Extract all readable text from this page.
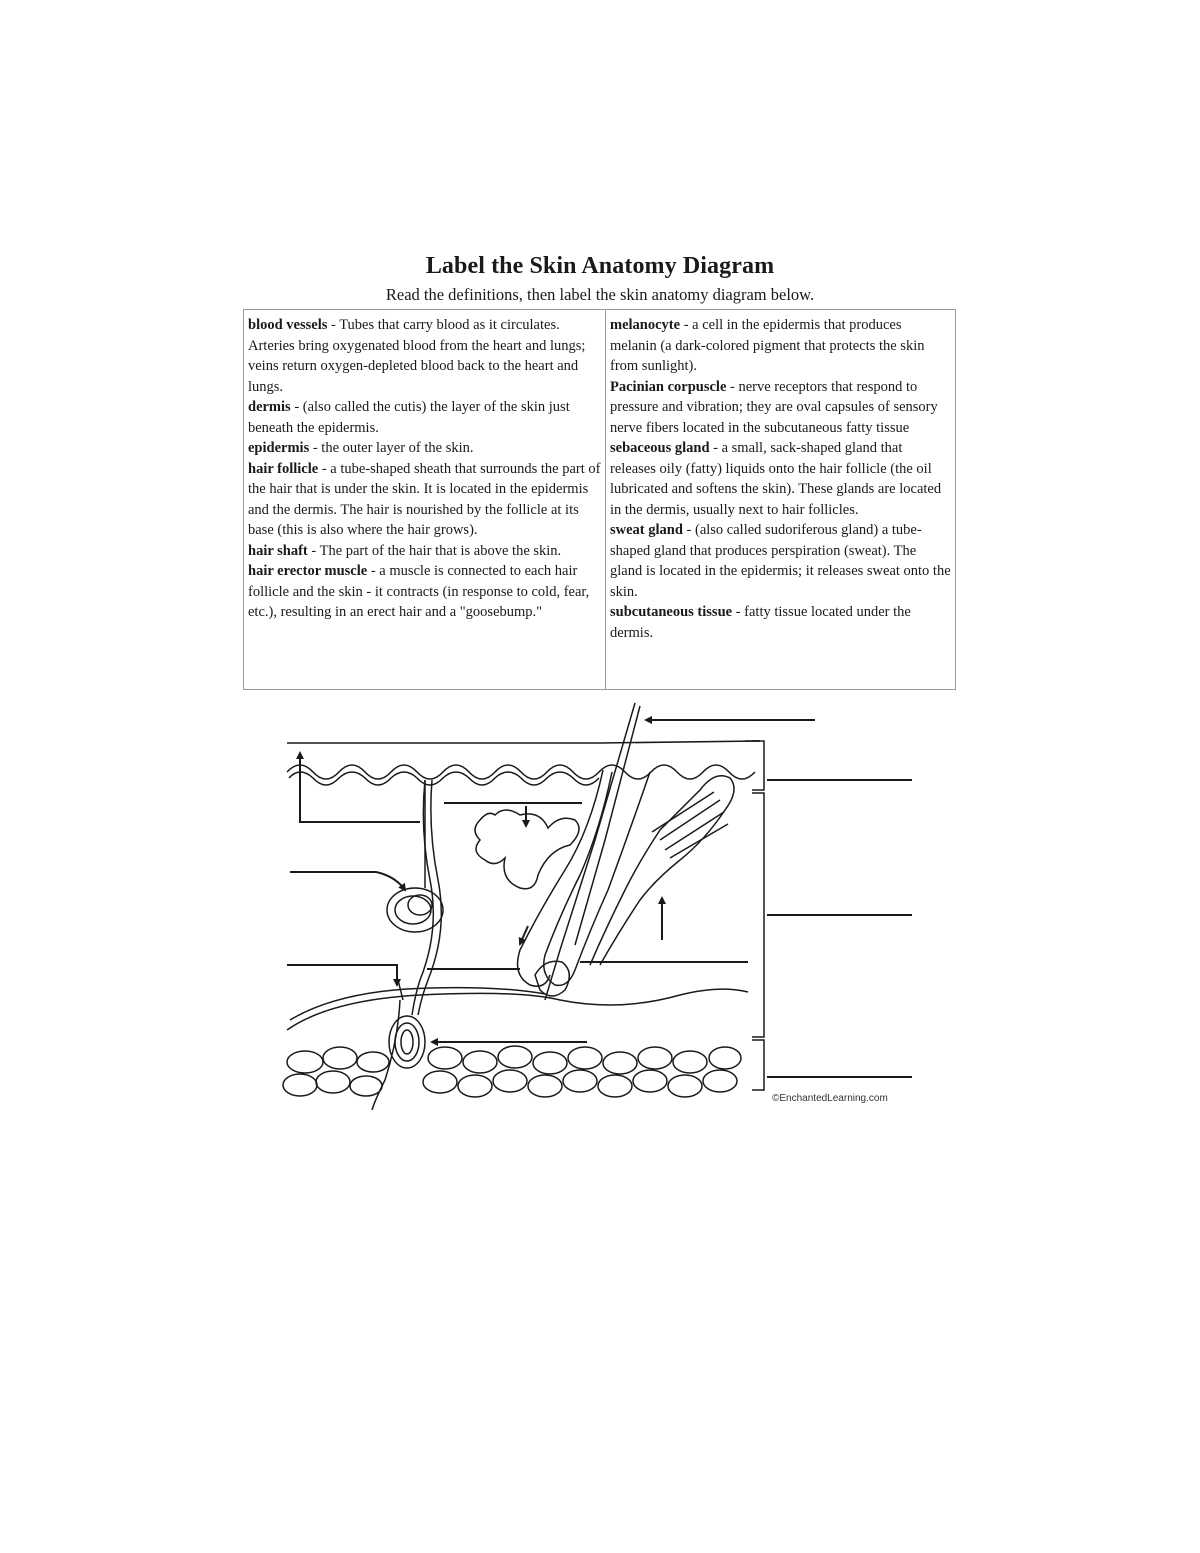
Label the Skin Anatomy Diagram
Read the definitions, then label the skin anatomy diagram below.
blood vessels - Tubes that carry blood as it circulates. Arteries bring oxygenated blood from the heart and lungs; veins return oxygen-depleted blood back to the heart and lungs.
dermis - (also called the cutis) the layer of the skin just beneath the epidermis.
epidermis - the outer layer of the skin.
hair follicle - a tube-shaped sheath that surrounds the part of the hair that is under the skin. It is located in the epidermis and the dermis. The hair is nourished by the follicle at its base (this is also where the hair grows).
hair shaft - The part of the hair that is above the skin.
hair erector muscle - a muscle is connected to each hair follicle and the skin - it contracts (in response to cold, fear, etc.), resulting in an erect hair and a "goosebump."
melanocyte - a cell in the epidermis that produces melanin (a dark-colored pigment that protects the skin from sunlight).
Pacinian corpuscle - nerve receptors that respond to pressure and vibration; they are oval capsules of sensory nerve fibers located in the subcutaneous fatty tissue
sebaceous gland - a small, sack-shaped gland that releases oily (fatty) liquids onto the hair follicle (the oil lubricated and softens the skin). These glands are located in the dermis, usually next to hair follicles.
sweat gland - (also called sudoriferous gland) a tube-shaped gland that produces perspiration (sweat). The gland is located in the epidermis; it releases sweat onto the skin.
subcutaneous tissue - fatty tissue located under the dermis.
©EnchantedLearning.com
